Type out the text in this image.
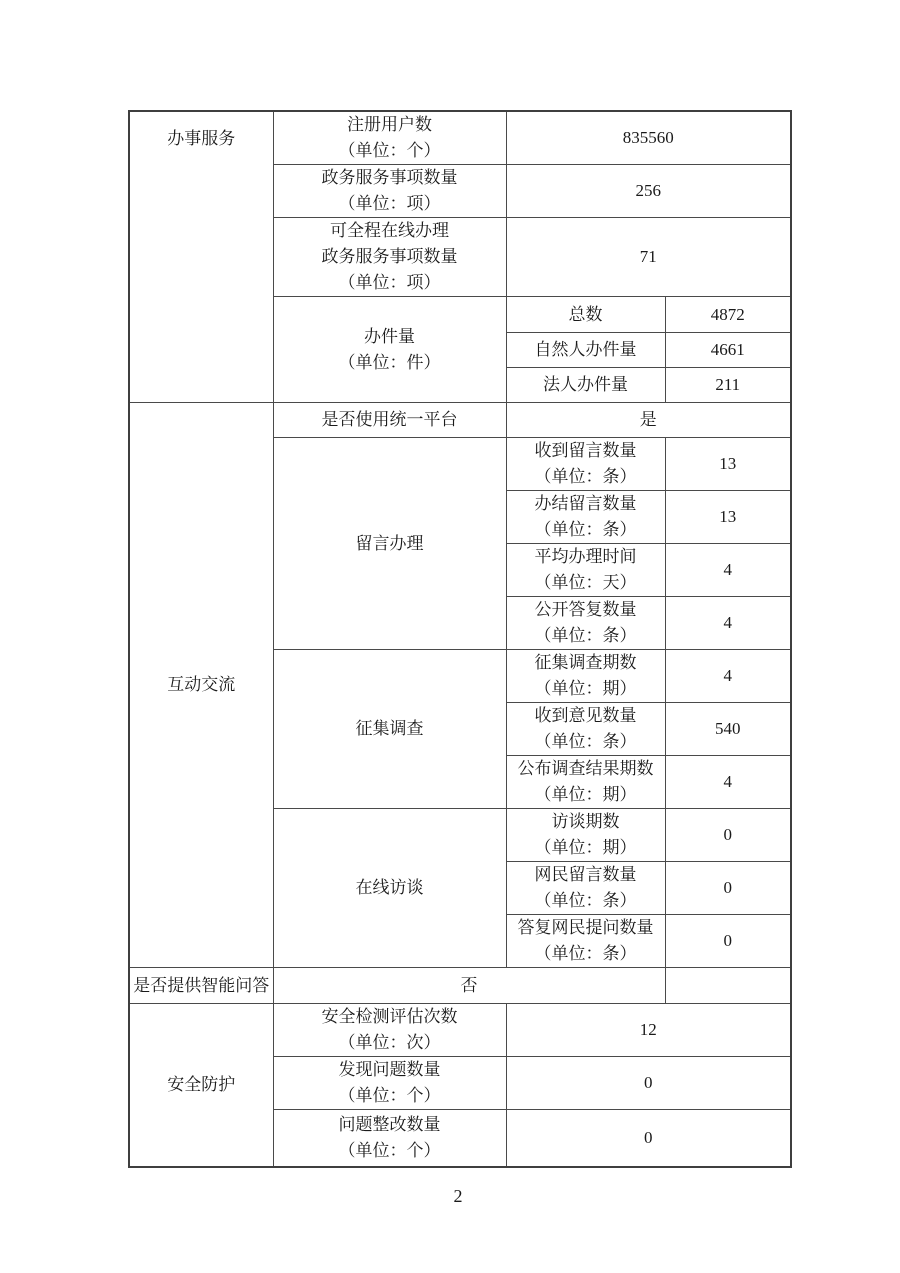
办事服务	注册用户数
（单位：个）	835560	

	政务服务事项数量
（单位：项）	256	

	可全程在线办理
政务服务事项数量
（单位：项）	71	

	办件量
（单位：件）	总数	4872

		自然人办件量	4661

		法人办件量	211

互动交流	是否使用统一平台	是	

	留言办理	收到留言数量
（单位：条）	13

		办结留言数量
（单位：条）	13

		平均办理时间
（单位：天）	4

		公开答复数量
（单位：条）	4

	征集调查	征集调查期数
（单位：期）	4

		收到意见数量
（单位：条）	540

		公布调查结果期数
（单位：期）	4

	在线访谈	访谈期数
（单位：期）	0

		网民留言数量
（单位：条）	0

		答复网民提问数量
（单位：条）	0

是否提供智能问答	否		

安全防护	安全检测评估次数
（单位：次）	12	

	发现问题数量
（单位：个）	0	

	问题整改数量
（单位：个）	0	
2
